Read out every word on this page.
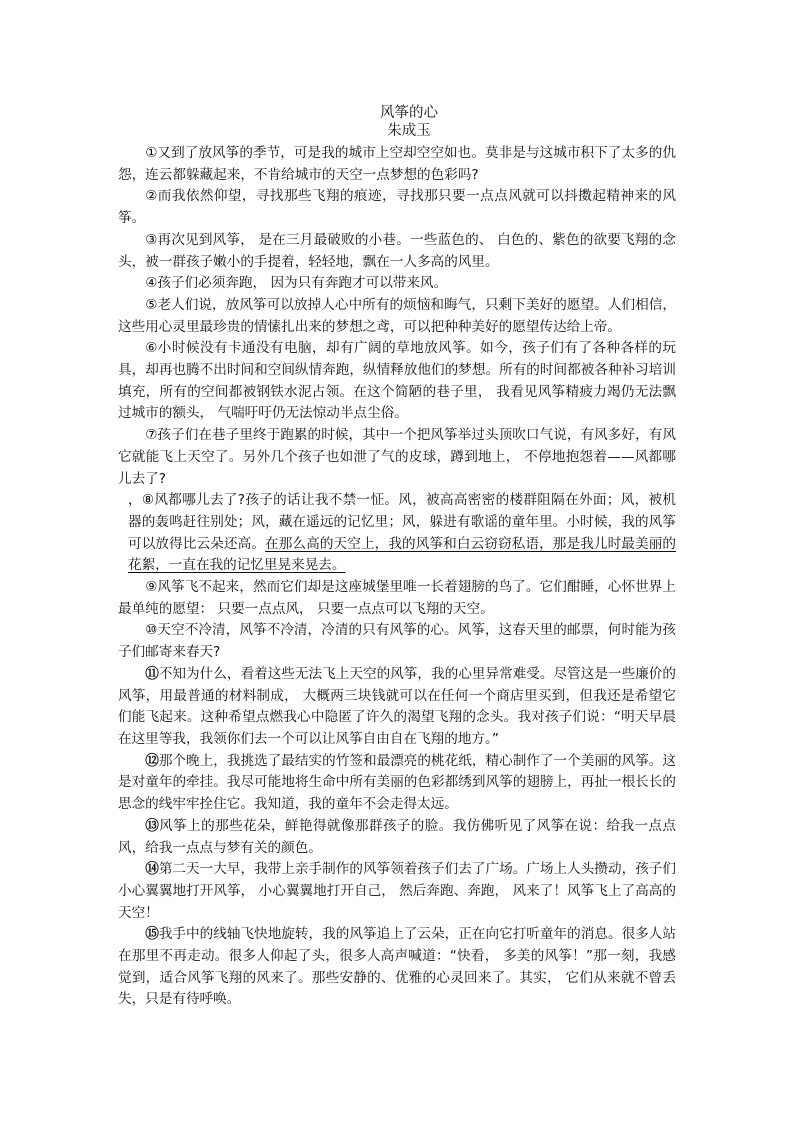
风筝的心
朱成玉

①又到了放风筝的季节，可是我的城市上空却空空如也。莫非是与这城市积下了太多的仇怨，连云都躲藏起来，不肯给城市的天空一点梦想的色彩吗?

②而我依然仰望，寻找那些飞翔的痕迹，寻找那只要一点点风就可以抖擞起精神来的风筝。

③再次见到风筝， 是在三月最破败的小巷。一些蓝色的、 白色的、紫色的欲要飞翔的念头，被一群孩子嫩小的手提着，轻轻地，飘在一人多高的风里。

④孩子们必须奔跑， 因为只有奔跑才可以带来风。

⑤老人们说，放风筝可以放掉人心中所有的烦恼和晦气，只剩下美好的愿望。人们相信，这些用心灵里最珍贵的情愫扎出来的梦想之鸢，可以把种种美好的愿望传达给上帝。

⑥小时候没有卡通没有电脑，却有广阔的草地放风筝。如今，孩子们有了各种各样的玩具，却再也腾不出时间和空间纵情奔跑，纵情释放他们的梦想。所有的时间都被各种补习培训填充，所有的空间都被钢铁水泥占领。在这个简陋的巷子里， 我看见风筝精疲力竭仍无法飘过城市的额头， 气喘吁吁仍无法惊动半点尘俗。

⑦孩子们在巷子里终于跑累的时候，其中一个把风筝举过头顶吹口气说，有风多好，有风它就能飞上天空了。另外几个孩子也如泄了气的皮球，蹲到地上， 不停地抱怨着——风都哪儿去了?

，⑧风都哪儿去了?孩子的话让我不禁一怔。风，被高高密密的楼群阻隔在外面；风，被机器的轰鸣赶往别处；风，藏在遥远的记忆里；风，躲进有歌谣的童年里。小时候，我的风筝可以放得比云朵还高。在那么高的天空上，我的风筝和白云窃窃私语，那是我儿时最美丽的花絮，一直在我的记忆里晃来晃去。

⑨风筝飞不起来，然而它们却是这座城堡里唯一长着翅膀的鸟了。它们酣睡，心怀世界上最单纯的愿望： 只要一点点风， 只要一点点可以飞翔的天空。

⑩天空不冷清，风筝不冷清，冷清的只有风筝的心。风筝，这春天里的邮票，何时能为孩子们邮寄来春天?

⑪不知为什么，看着这些无法飞上天空的风筝，我的心里异常难受。尽管这是一些廉价的风筝，用最普通的材料制成， 大概两三块钱就可以在任何一个商店里买到，但我还是希望它们能飞起来。这种希望点燃我心中隐匿了许久的渴望飞翔的念头。我对孩子们说：“明天早晨在这里等我，我领你们去一个可以让风筝自由自在飞翔的地方。”

⑫那个晚上，我挑选了最结实的竹签和最漂亮的桃花纸，精心制作了一个美丽的风筝。这是对童年的牵挂。我尽可能地将生命中所有美丽的色彩都绣到风筝的翅膀上，再扯一根长长的思念的线牢牢拴住它。我知道，我的童年不会走得太远。

⑬风筝上的那些花朵，鲜艳得就像那群孩子的脸。我仿佛听见了风筝在说：给我一点点风，给我一点点与梦有关的颜色。

⑭第二天一大早，我带上亲手制作的风筝领着孩子们去了广场。广场上人头攒动，孩子们小心翼翼地打开风筝， 小心翼翼地打开自己， 然后奔跑、奔跑， 风来了！风筝飞上了高高的天空！

⑮我手中的线轴飞快地旋转，我的风筝追上了云朵，正在向它打听童年的消息。很多人站在那里不再走动。很多人仰起了头，很多人高声喊道：“快看， 多美的风筝！”那一刻，我感觉到，适合风筝飞翔的风来了。那些安静的、优雅的心灵回来了。其实， 它们从来就不曾丢失，只是有待呼唤。
